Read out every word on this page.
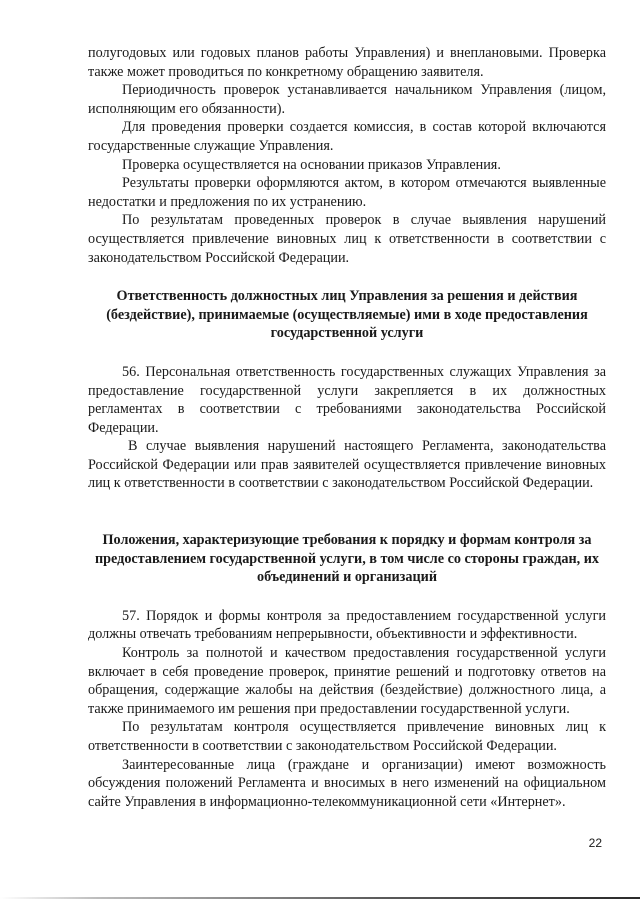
полугодовых или годовых планов работы Управления) и внеплановыми. Проверка также может проводиться по конкретному обращению заявителя.

Периодичность проверок устанавливается начальником Управления (лицом, исполняющим его обязанности).

Для проведения проверки создается комиссия, в состав которой включаются государственные служащие Управления.

Проверка осуществляется на основании приказов Управления.

Результаты проверки оформляются актом, в котором отмечаются выявленные недостатки и предложения по их устранению.

По результатам проведенных проверок в случае выявления нарушений осуществляется привлечение виновных лиц к ответственности в соответствии с законодательством Российской Федерации.

Ответственность должностных лиц Управления за решения и действия (бездействие), принимаемые (осуществляемые) ими в ходе предоставления государственной услуги

56. Персональная ответственность государственных служащих Управления за предоставление государственной услуги закрепляется в их должностных регламентах в соответствии с требованиями законодательства Российской Федерации.

В случае выявления нарушений настоящего Регламента, законодательства Российской Федерации или прав заявителей осуществляется привлечение виновных лиц к ответственности в соответствии с законодательством Российской Федерации.

Положения, характеризующие требования к порядку и формам контроля за предоставлением государственной услуги, в том числе со стороны граждан, их объединений и организаций

57. Порядок и формы контроля за предоставлением государственной услуги должны отвечать требованиям непрерывности, объективности и эффективности.

Контроль за полнотой и качеством предоставления государственной услуги включает в себя проведение проверок, принятие решений и подготовку ответов на обращения, содержащие жалобы на действия (бездействие) должностного лица, а также принимаемого им решения при предоставлении государственной услуги.

По результатам контроля осуществляется привлечение виновных лиц к ответственности в соответствии с законодательством Российской Федерации.

Заинтересованные лица (граждане и организации) имеют возможность обсуждения положений Регламента и вносимых в него изменений на официальном сайте Управления в информационно-телекоммуникационной сети «Интернет».

22
